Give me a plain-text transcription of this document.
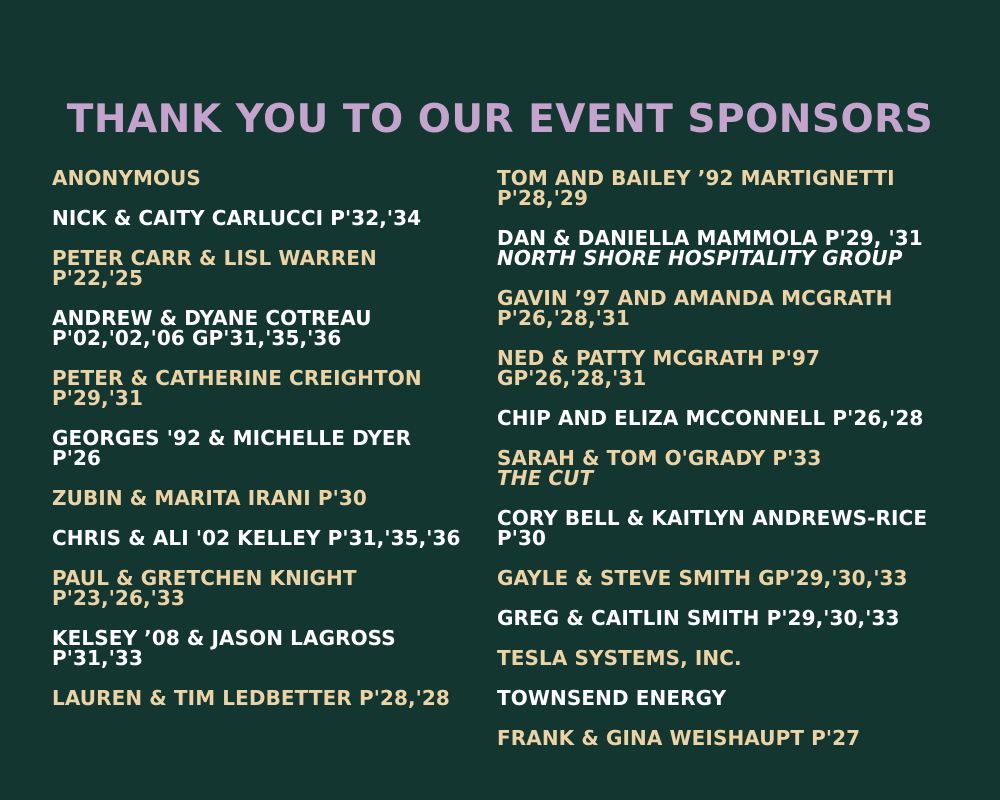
THANK YOU TO OUR EVENT SPONSORS
ANONYMOUS
NICK & CAITY CARLUCCI P'32,'34
PETER CARR & LISL WARREN
P'22,'25
ANDREW & DYANE COTREAU
P'02,'02,'06 GP'31,'35,'36
PETER & CATHERINE CREIGHTON
P'29,'31
GEORGES '92 & MICHELLE DYER
P'26
ZUBIN & MARITA IRANI P'30
CHRIS & ALI '02 KELLEY P'31,'35,'36
PAUL & GRETCHEN KNIGHT
P'23,'26,'33
KELSEY ’08 & JASON LAGROSS
P'31,'33
LAUREN & TIM LEDBETTER P'28,'28
TOM AND BAILEY ’92 MARTIGNETTI
P'28,'29
DAN & DANIELLA MAMMOLA P'29, '31
NORTH SHORE HOSPITALITY GROUP
GAVIN ’97 AND AMANDA MCGRATH
P'26,'28,'31
NED & PATTY MCGRATH P'97
GP'26,'28,'31
CHIP AND ELIZA MCCONNELL P'26,'28
SARAH & TOM O'GRADY P'33
THE CUT
CORY BELL & KAITLYN ANDREWS-RICE
P'30
GAYLE & STEVE SMITH GP'29,'30,'33
GREG & CAITLIN SMITH P'29,'30,'33
TESLA SYSTEMS, INC.
TOWNSEND ENERGY
FRANK & GINA WEISHAUPT P'27
